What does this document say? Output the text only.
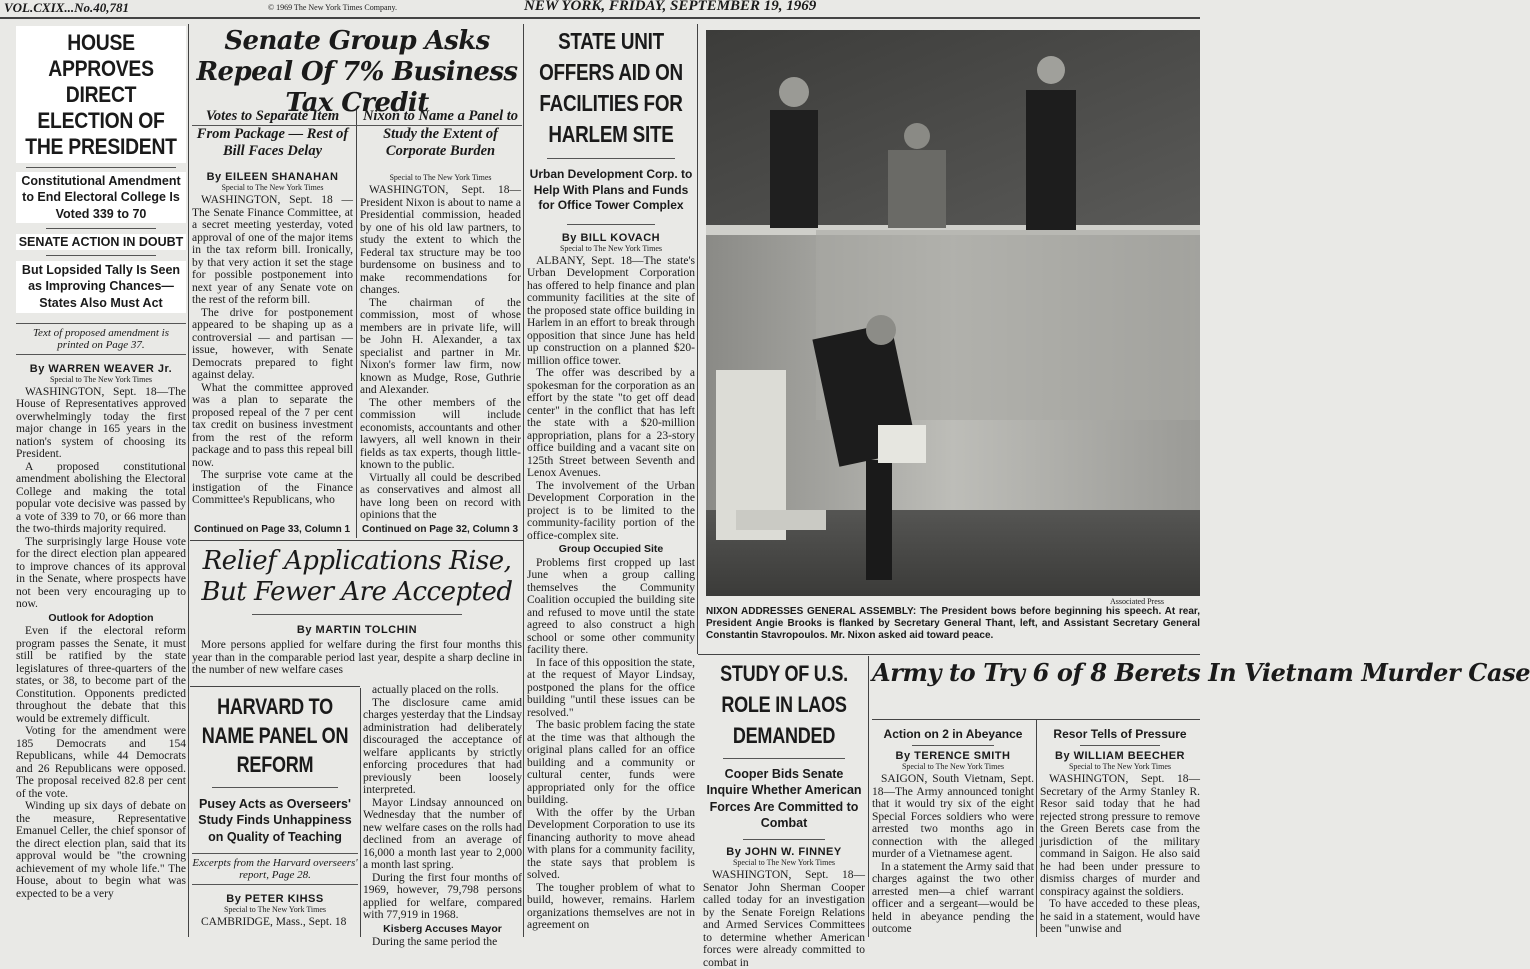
VOL.CXIX...No.40,781	© 1969 The New York Times Company.	NEW YORK, FRIDAY, SEPTEMBER 19, 1969
HOUSE APPROVES DIRECT ELECTION OF THE PRESIDENT
Constitutional Amendment to End Electoral College Is Voted 339 to 70
SENATE ACTION IN DOUBT
But Lopsided Tally Is Seen as Improving Chances—States Also Must Act
Text of proposed amendment is printed on Page 37.
By WARREN WEAVER Jr.
Special to The New York Times

WASHINGTON, Sept. 18—The House of Representatives approved overwhelmingly today the first major change in 165 years in the nation's system of choosing its President.

A proposed constitutional amendment abolishing the Electoral College and making the total popular vote decisive was passed by a vote of 339 to 70, or 66 more than the two-thirds majority required.

The surprisingly large House vote for the direct election plan appeared to improve chances of its approval in the Senate, where prospects have not been very encouraging up to now.

Outlook for Adoption

Even if the electoral reform program passes the Senate, it must still be ratified by the state legislatures of three-quarters of the states, or 38, to become part of the Constitution. Opponents predicted throughout the debate that this would be extremely difficult.

Voting for the amendment were 185 Democrats and 154 Republicans, while 44 Democrats and 26 Republicans were opposed. The proposal received 82.8 per cent of the vote.

Winding up six days of debate on the measure, Representative Emanuel Celler, the chief sponsor of the direct election plan, said that its approval would be "the crowning achievement of my whole life." The House, about to begin what was expected to be a very

Senate Group Asks Repeal Of 7% Business Tax Credit
Votes to Separate Item From Package — Rest of Bill Faces Delay
By EILEEN SHANAHAN
Special to The New York Times

WASHINGTON, Sept. 18 — The Senate Finance Committee, at a secret meeting yesterday, voted approval of one of the major items in the tax reform bill. Ironically, by that very action it set the stage for possible postponement into next year of any Senate vote on the rest of the reform bill.

The drive for postponement appeared to be shaping up as a controversial — and partisan — issue, however, with Senate Democrats prepared to fight against delay.

What the committee approved was a plan to separate the proposed repeal of the 7 per cent tax credit on business investment from the rest of the reform package and to pass this repeal bill now.

The surprise vote came at the instigation of the Finance Committee's Republicans, who

Continued on Page 33, Column 1
Nixon to Name a Panel to Study the Extent of Corporate Burden
Special to The New York Times

WASHINGTON, Sept. 18—President Nixon is about to name a Presidential commission, headed by one of his old law partners, to study the extent to which the Federal tax structure may be too burdensome on business and to make recommendations for changes.

The chairman of the commission, most of whose members are in private life, will be John H. Alexander, a tax specialist and partner in Mr. Nixon's former law firm, now known as Mudge, Rose, Guthrie and Alexander.

The other members of the commission will include economists, accountants and other lawyers, all well known in their fields as tax experts, though little-known to the public.

Virtually all could be described as conservatives and almost all have long been on record with opinions that the

Continued on Page 32, Column 3
Relief Applications Rise, But Fewer Are Accepted
By MARTIN TOLCHIN

More persons applied for welfare during the first four months this year than in the comparable period last year, despite a sharp decline in the number of new welfare cases

actually placed on the rolls.

The disclosure came amid charges yesterday that the Lindsay administration had deliberately discouraged the acceptance of welfare applicants by strictly enforcing procedures that had previously been loosely interpreted.

Mayor Lindsay announced on Wednesday that the number of new welfare cases on the rolls had declined from an average of 16,000 a month last year to 2,000 a month last spring.

During the first four months of 1969, however, 79,798 persons applied for welfare, compared with 77,919 in 1968.

Kisberg Accuses Mayor

During the same period the

HARVARD TO NAME PANEL ON REFORM
Pusey Acts as Overseers' Study Finds Unhappiness on Quality of Teaching
Excerpts from the Harvard overseers' report, Page 28.
By PETER KIHSS
Special to The New York Times

CAMBRIDGE, Mass., Sept. 18

STATE UNIT OFFERS AID ON FACILITIES FOR HARLEM SITE
Urban Development Corp. to Help With Plans and Funds for Office Tower Complex
By BILL KOVACH
Special to The New York Times

ALBANY, Sept. 18—The state's Urban Development Corporation has offered to help finance and plan community facilities at the site of the proposed state office building in Harlem in an effort to break through opposition that since June has held up construction on a planned $20-million office tower.

The offer was described by a spokesman for the corporation as an effort by the state "to get off dead center" in the conflict that has left the state with a $20-million appropriation, plans for a 23-story office building and a vacant site on 125th Street between Seventh and Lenox Avenues.

The involvement of the Urban Development Corporation in the project is to be limited to the community-facility portion of the office-complex site.

Group Occupied Site

Problems first cropped up last June when a group calling themselves the Community Coalition occupied the building site and refused to move until the state agreed to also construct a high school or some other community facility there.

In face of this opposition the state, at the request of Mayor Lindsay, postponed the plans for the office building "until these issues can be resolved."

The basic problem facing the state at the time was that although the original plans called for an office building and a community or cultural center, funds were appropriated only for the office building.

With the offer by the Urban Development Corporation to use its financing authority to move ahead with plans for a community facility, the state says that problem is solved.

The tougher problem of what to build, however, remains. Harlem organizations themselves are not in agreement on

Associated Press
NIXON ADDRESSES GENERAL ASSEMBLY: The President bows before beginning his speech. At rear, President Angie Brooks is flanked by Secretary General Thant, left, and Assistant Secretary General Constantin Stavropoulos. Mr. Nixon asked aid toward peace.
STUDY OF U.S. ROLE IN LAOS DEMANDED
Cooper Bids Senate Inquire Whether American Forces Are Committed to Combat
By JOHN W. FINNEY
Special to The New York Times

WASHINGTON, Sept. 18—Senator John Sherman Cooper called today for an investigation by the Senate Foreign Relations and Armed Services Committees to determine whether American forces were already committed to combat in

Army to Try 6 of 8 Berets In Vietnam Murder Case
Action on 2 in Abeyance
By TERENCE SMITH
Special to The New York Times

SAIGON, South Vietnam, Sept. 18—The Army announced tonight that it would try six of the eight Special Forces soldiers who were arrested two months ago in connection with the alleged murder of a Vietnamese agent.

In a statement the Army said that charges against the two other arrested men—a chief warrant officer and a sergeant—would be held in abeyance pending the outcome

Resor Tells of Pressure
By WILLIAM BEECHER
Special to The New York Times

WASHINGTON, Sept. 18—Secretary of the Army Stanley R. Resor said today that he had rejected strong pressure to remove the Green Berets case from the jurisdiction of the military command in Saigon. He also said he had been under pressure to dismiss charges of murder and conspiracy against the soldiers.

To have acceded to these pleas, he said in a statement, would have been "unwise and
